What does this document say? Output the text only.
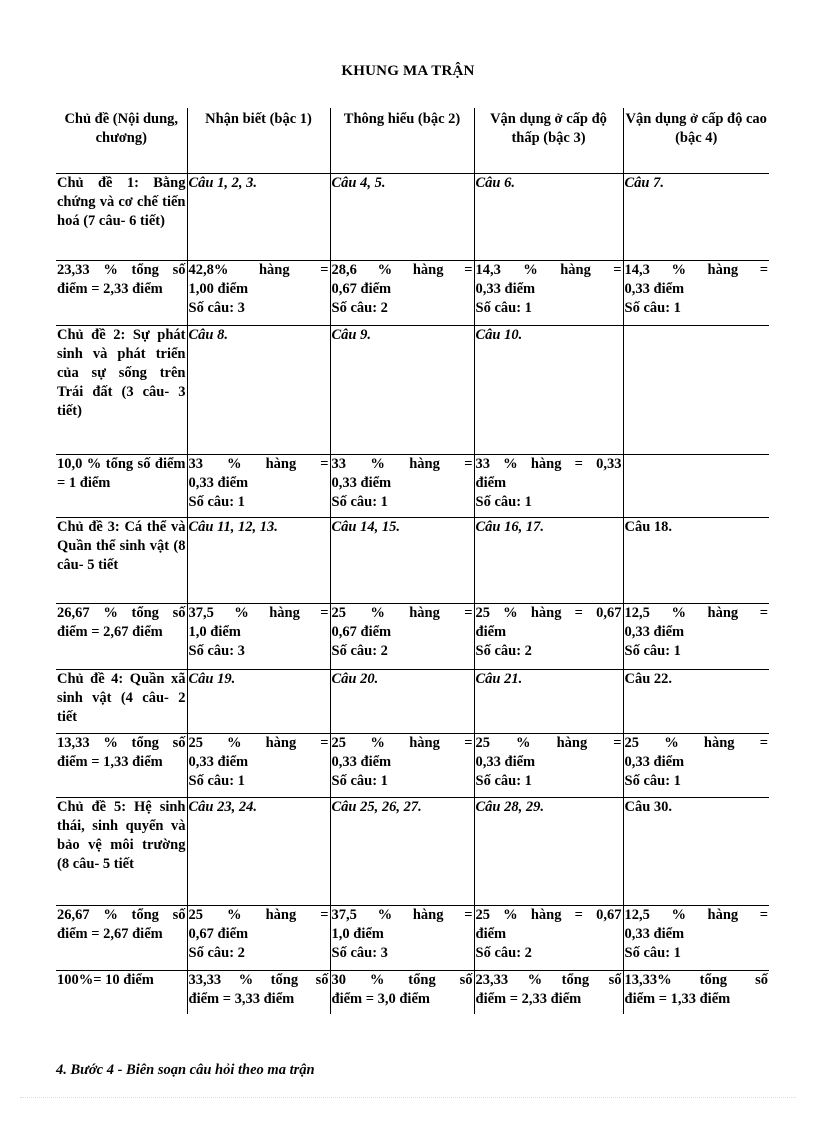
KHUNG MA TRẬN
Chủ đề (Nội dung, chương)	Nhận biết (bậc 1)	Thông hiểu (bậc 2)	Vận dụng ở cấp độ thấp (bậc 3)	Vận dụng ở cấp độ cao (bậc 4)
Chủ đề 1: Bằng chứng và cơ chế tiến hoá (7 câu- 6 tiết)	Câu 1, 2, 3.	Câu 4, 5.	Câu 6.	Câu 7.
23,33 % tổng số điểm = 2,33 điểm	42,8% hàng =
1,00 điểm
Số câu: 3	28,6 % hàng =
0,67 điểm
Số câu: 2	14,3 % hàng =
0,33 điểm
Số câu: 1	14,3 % hàng =
0,33 điểm
Số câu: 1

Chủ đề 2: Sự phát sinh và phát triển của sự sống trên Trái đất (3 câu- 3 tiết)	Câu 8.	Câu 9.	Câu 10.	
10,0 % tổng số điểm = 1 điểm	33 % hàng =
0,33 điểm
Số câu: 1	33 % hàng =
0,33 điểm
Số câu: 1	33 % hàng = 0,33
điểm
Số câu: 1	

Chủ đề 3: Cá thể và Quần thể sinh vật (8 câu- 5 tiết	Câu 11, 12, 13.	Câu 14, 15.	Câu 16, 17.	Câu 18.
26,67 % tổng số điểm = 2,67 điểm	37,5 % hàng =
1,0 điểm
Số câu: 3	25 % hàng =
0,67 điểm
Số câu: 2	25 % hàng = 0,67
điểm
Số câu: 2	12,5 % hàng =
0,33 điểm
Số câu: 1

Chủ đề 4: Quần xã sinh vật (4 câu- 2 tiết	Câu 19.	Câu 20.	Câu 21.	Câu 22.
13,33 % tổng số điểm = 1,33 điểm	25 % hàng =
0,33 điểm
Số câu: 1	25 % hàng =
0,33 điểm
Số câu: 1	25 % hàng =
0,33 điểm
Số câu: 1	25 % hàng =
0,33 điểm
Số câu: 1

Chủ đề 5: Hệ sinh thái, sinh quyển và bảo vệ môi trường (8 câu- 5 tiết	Câu 23, 24.	Câu 25, 26, 27.	Câu 28, 29.	Câu 30.
26,67 % tổng số điểm = 2,67 điểm	25 % hàng =
0,67 điểm
Số câu: 2	37,5 % hàng =
1,0 điểm
Số câu: 3	25 % hàng = 0,67
điểm
Số câu: 2	12,5 % hàng =
0,33 điểm
Số câu: 1

100%= 10 điểm	33,33 % tổng số
điểm = 3,33 điểm	30 % tổng số
điểm = 3,0 điểm	23,33 % tổng số
điểm = 2,33 điểm	13,33% tổng số
điểm = 1,33 điểm
4. Bước 4 - Biên soạn câu hỏi theo ma trận
